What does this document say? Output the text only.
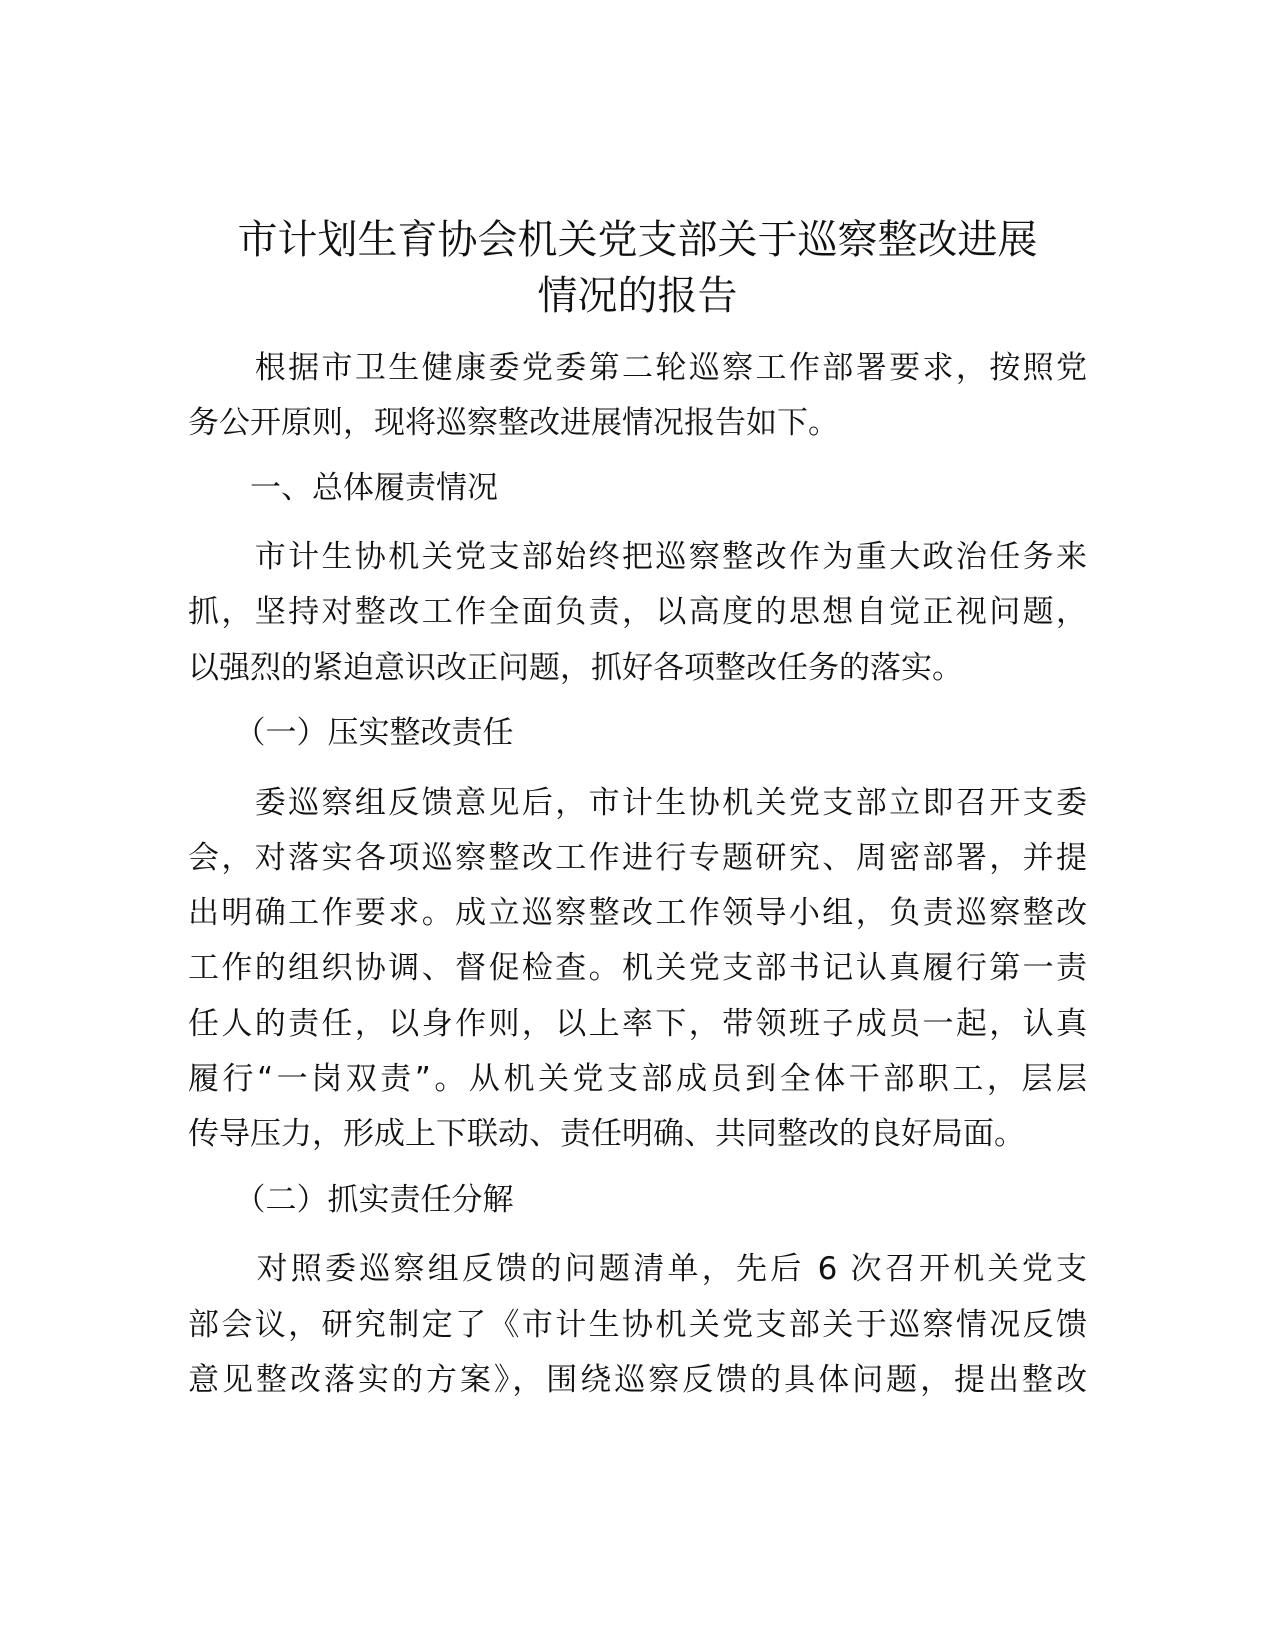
市计划生育协会机关党支部关于巡察整改进展
情况的报告
　　根据市卫生健康委党委第二轮巡察工作部署要求，按照党
务公开原则，现将巡察整改进展情况报告如下。
　　一、总体履责情况
　　市计生协机关党支部始终把巡察整改作为重大政治任务来
抓，坚持对整改工作全面负责，以高度的思想自觉正视问题，
以强烈的紧迫意识改正问题，抓好各项整改任务的落实。
　　（一）压实整改责任
　　委巡察组反馈意见后，市计生协机关党支部立即召开支委
会，对落实各项巡察整改工作进行专题研究、周密部署，并提
出明确工作要求。成立巡察整改工作领导小组，负责巡察整改
工作的组织协调、督促检查。机关党支部书记认真履行第一责
任人的责任，以身作则，以上率下，带领班子成员一起，认真
履行“一岗双责”。从机关党支部成员到全体干部职工，层层
传导压力，形成上下联动、责任明确、共同整改的良好局面。
　　（二）抓实责任分解
　　对照委巡察组反馈的问题清单，先后 6 次召开机关党支
部会议，研究制定了《市计生协机关党支部关于巡察情况反馈
意见整改落实的方案》，围绕巡察反馈的具体问题，提出整改
